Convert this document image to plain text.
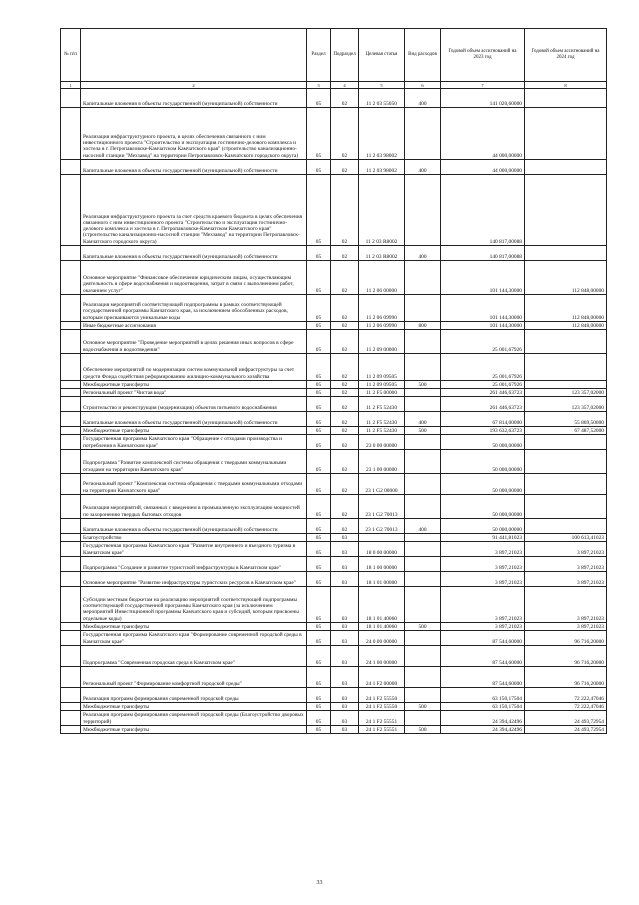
№ п/п		Раздел	Подраздел	Целевая статья	Вид расходов	Годовой объем ассигнований на 2023 год	Годовой объем ассигнований на 2024 год
1	2	3	4	5	6	7	8
	Капитальные вложения в объекты государственной (муниципальной) собственности	05	02	11 2 03 55050	400	141 020,60000	
	Реализация инфраструктурного проекта, в целях обеспечения связанного с ним инвестиционного проекта "Строительство и эксплуатация гостинично-делового комплекса и хостела в г. Петропавловске-Камчатском Камчатского края" (строительство канализационно-насосной станции "Мехзавод" на территории Петропавловск-Камчатского городского округа)	05	02	11 2 03 98002		44 000,00000	
	Капитальные вложения в объекты государственной (муниципальной) собственности	05	02	11 2 03 98002	400	44 000,00000	
	Реализация инфраструктурного проекта за счет средств краевого бюджета в целях обеспечения связанного с ним инвестиционного проекта "Строительство и эксплуатация гостинично-делового комплекса и хостела в г. Петропавловске-Камчатском Камчатского края" (строительство канализационно-насосной станции "Мехзавод" на территории Петропавловск-Камчатского городского округа)	05	02	11 2 03 R8002		140 817,00088	
	Капитальные вложения в объекты государственной (муниципальной) собственности	05	02	11 2 03 R8002	400	140 817,00088	
	Основное мероприятие "Финансовое обеспечение юридическим лицам, осуществляющим деятельность в сфере водоснабжения и водоотведения, затрат в связи с выполнением работ, оказанием услуг"	05	02	11 2 06 00000		101 144,30000	112 848,00000
	Реализация мероприятий соответствующей подпрограммы в рамках соответствующей государственной программы Камчатского края, за исключением обособленных расходов, которым присваиваются уникальные коды	05	02	11 2 06 09990		101 144,30000	112 848,00000
	Иные бюджетные ассигнования	05	02	11 2 06 09990	800	101 144,30000	112 848,00000
	Основное мероприятие "Проведение мероприятий в целях решения иных вопросов в сфере водоснабжения и водоотведения"	05	02	11 2 09 00000		25 001,67926	
	Обеспечение мероприятий по модернизации систем коммунальной инфраструктуры за счет средств Фонда содействия реформированию жилищно-коммунального хозяйства	05	02	11 2 09 09505		25 001,67926	
	Межбюджетные трансферты	05	02	11 2 09 09505	500	25 001,67926	
	Региональный проект "Чистая вода"	05	02	11 2 F5 00000		261 446,63723	123 357,02000
	Строительство и реконструкция (модернизация) объектов питьевого водоснабжения	05	02	11 2 F5 52430		261 446,63723	123 357,02000
	Капитальные вложения в объекты государственной (муниципальной) собственности	05	02	11 2 F5 52430	400	67 814,00000	55 869,50000
	Межбюджетные трансферты	05	02	11 2 F5 52430	500	193 632,63723	67 487,52000
	Государственная программа Камчатского края "Обращение с отходами производства и потребления в Камчатском крае"	05	02	23 0 00 00000		50 000,00000	
	Подпрограмма "Развитие комплексной системы обращения с твердыми коммунальными отходами на территории Камчатского края"	05	02	23 1 00 00000		50 000,00000	
	Региональный проект "Комплексная система обращения с твердыми коммунальными отходами на территории Камчатского края"	05	02	23 1 G2 00000		50 000,00000	
	Реализация мероприятий, связанных с введением в промышленную эксплуатацию мощностей по захоронению твердых бытовых отходов	05	02	23 1 G2 70013		50 000,00000	
	Капитальные вложения в объекты государственной (муниципальной) собственности	05	02	23 1 G2 70013	400	50 000,00000	
	Благоустройство	05	03			91 441,81023	100 613,41023
	Государственная программа Камчатского края "Развитие внутреннего и въездного туризма в Камчатском крае"	05	03	18 0 00 00000		3 897,21023	3 897,21023
	Подпрограмма "Создание и развитие туристской инфраструктуры в Камчатском крае"	05	03	18 1 00 00000		3 897,21023	3 897,21023
	Основное мероприятие "Развитие инфраструктуры туристских ресурсов в Камчатском крае"	05	03	18 1 01 00000		3 897,21023	3 897,21023
	Субсидии местным бюджетам на реализацию мероприятий соответствующей подпрограммы соответствующей государственной программы Камчатского края (за исключением мероприятий Инвестиционной программы Камчатского края и субсидий, которым присвоены отдельные коды)	05	03	18 1 01 40060		3 897,21023	3 897,21023
	Межбюджетные трансферты	05	03	18 1 01 40060	500	3 897,21023	3 897,21023
	Государственная программа Камчатского края "Формирование современной городской среды в Камчатском крае"	05	03	24 0 00 00000		87 544,60000	96 716,20000
	Подпрограмма "Современная городская среда в Камчатском крае"	05	03	24 1 00 00000		87 544,60000	96 716,20000
	Региональный проект "Формирование комфортной городской среды"	05	03	24 1 F2 00000		87 544,60000	96 716,20000
	Реализация программ формирования современной городской среды	05	03	24 1 F2 55550		63 150,17504	72 222,47046
	Межбюджетные трансферты	05	03	24 1 F2 55550	500	63 150,17504	72 222,47046
	Реализация программ формирования современной городской среды (Благоустройство дворовых территорий)	05	03	24 1 F2 55551		24 394,42496	24 493,72954
	Межбюджетные трансферты	05	03	24 1 F2 55551	500	24 394,42496	24 493,72954
33
